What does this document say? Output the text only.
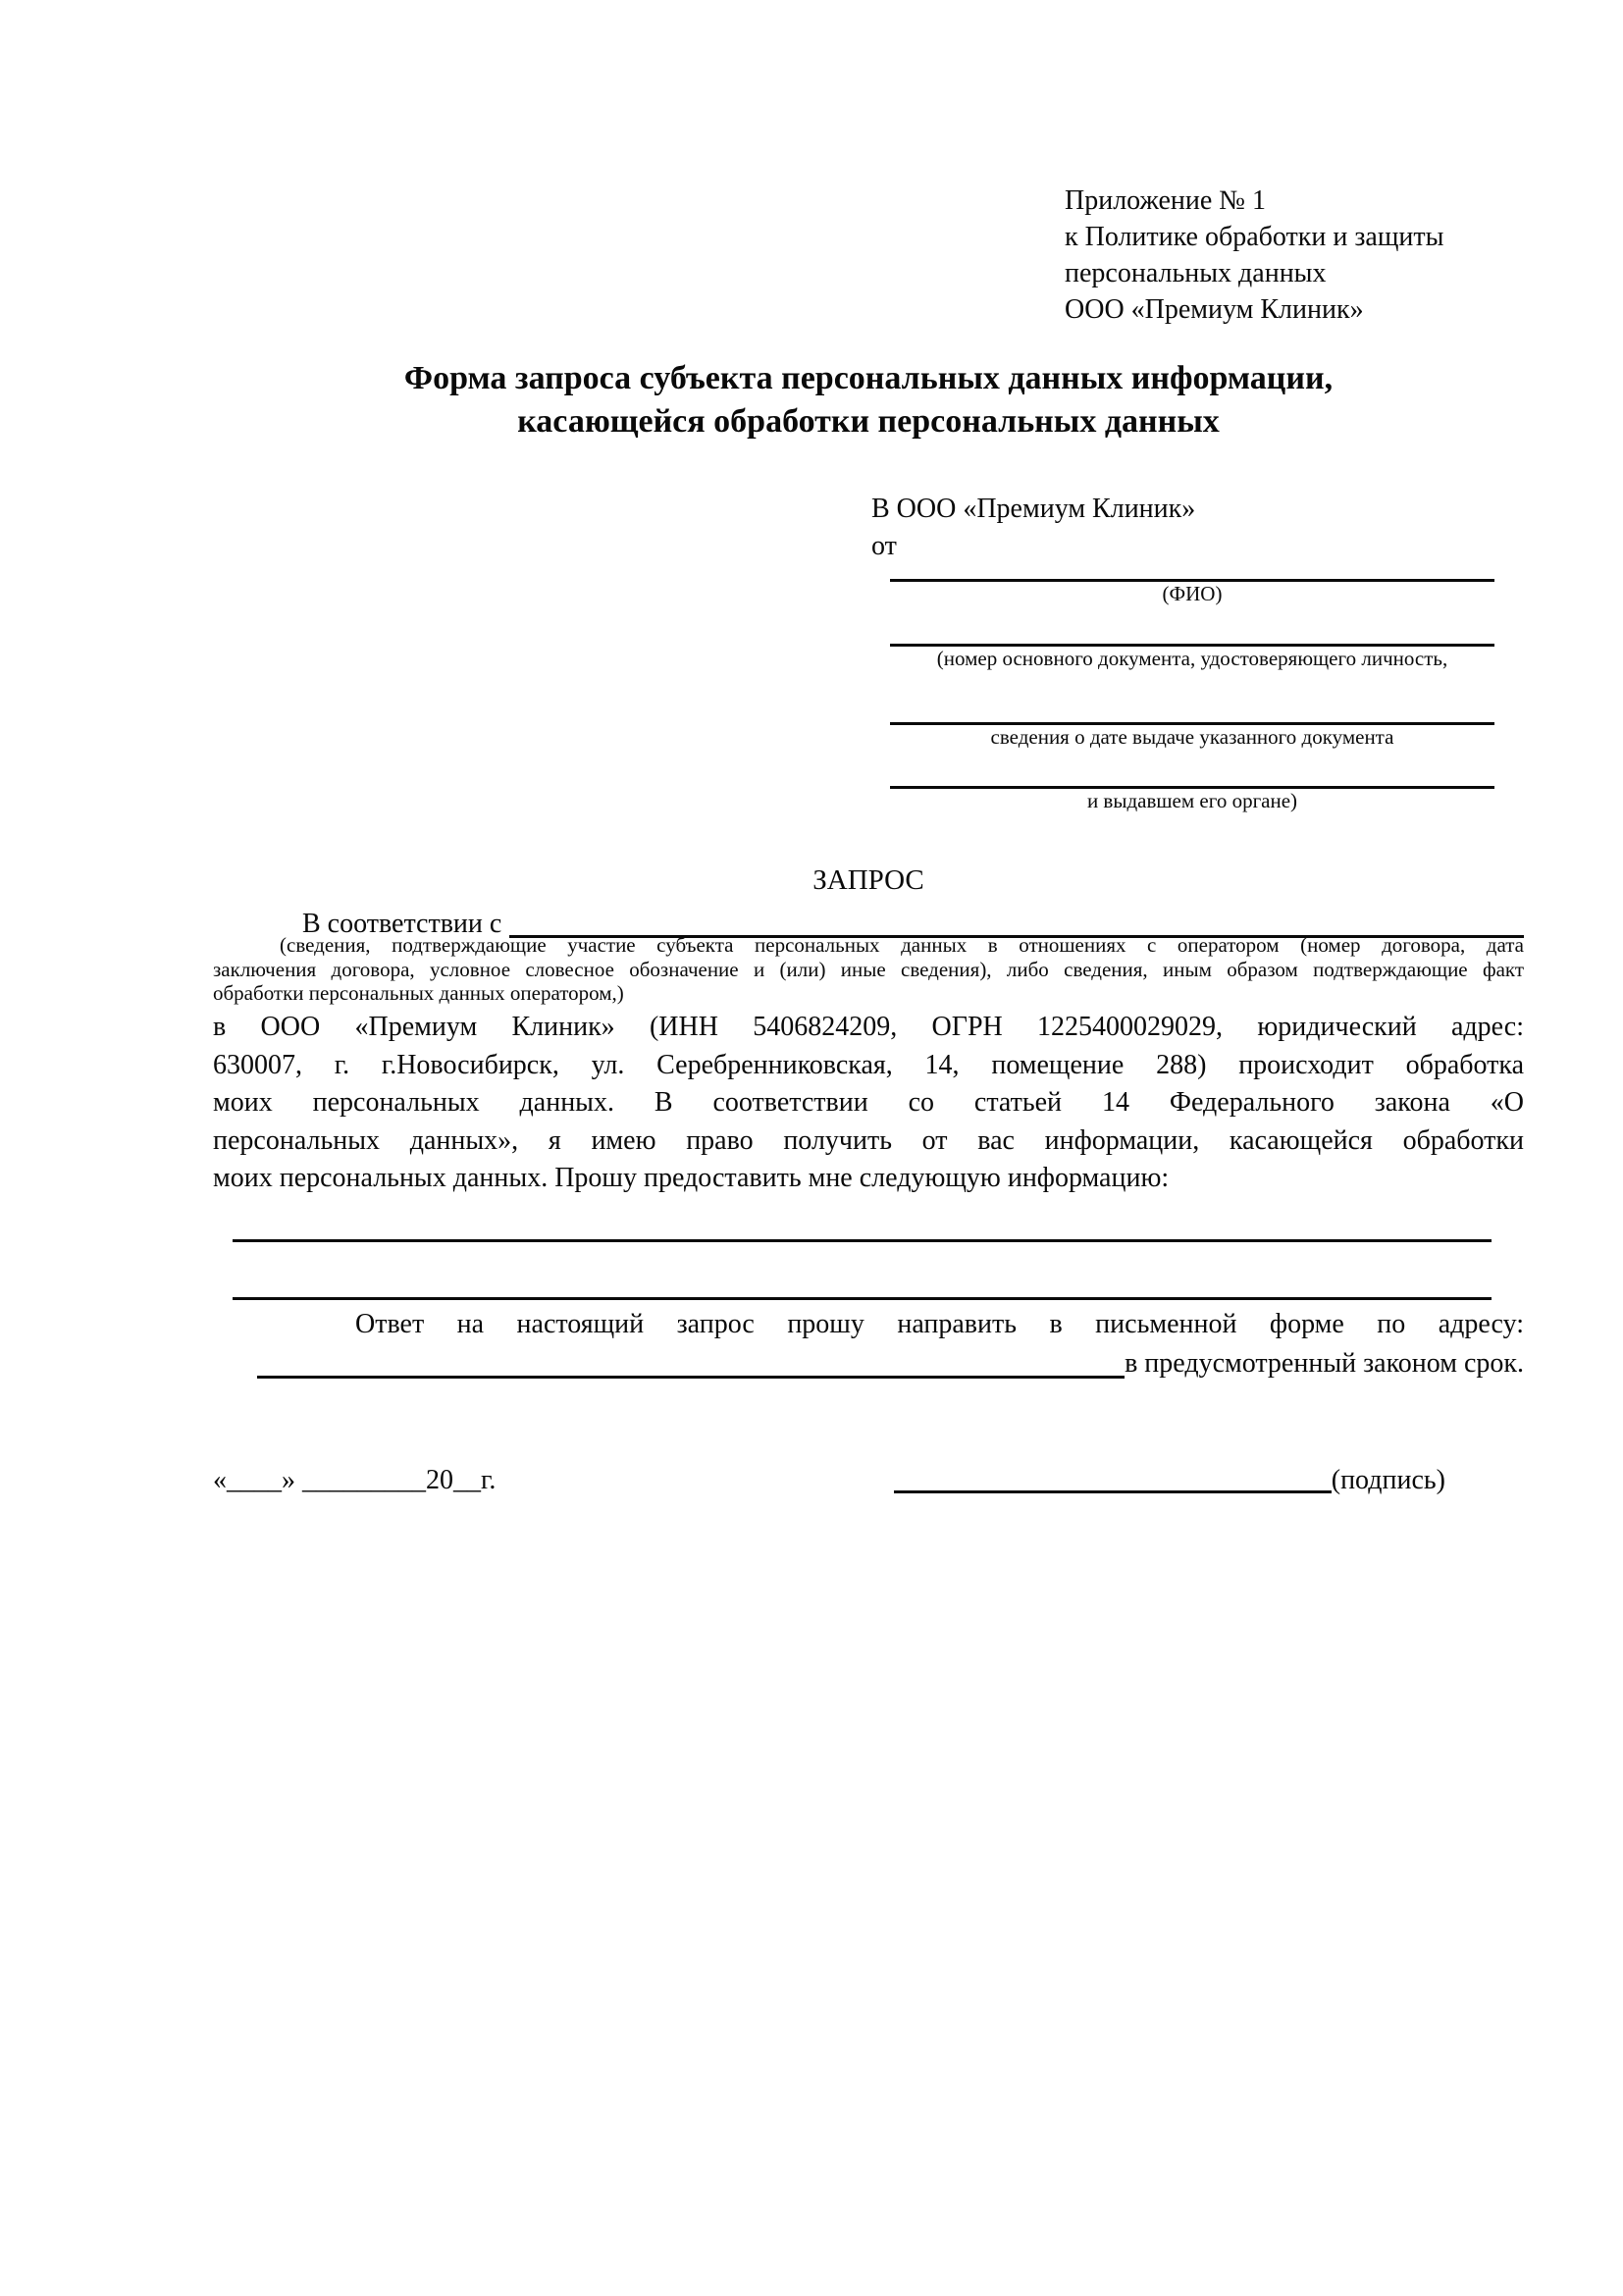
Приложение № 1
к Политике обработки и защиты
персональных данных
ООО «Премиум Клиник»
Форма запроса субъекта персональных данных информации,
касающейся обработки персональных данных
В ООО «Премиум Клиник»
от
(ФИО)
(номер основного документа, удостоверяющего личность,
сведения о дате выдаче указанного документа
и выдавшем его органе)
ЗАПРОС
В соответствии с
(сведения, подтверждающие участие субъекта персональных данных в отношениях с оператором (номер договора, дата
заключения договора, условное словесное обозначение и (или) иные сведения), либо сведения, иным образом подтверждающие факт
обработки персональных данных оператором,)
в ООО «Премиум Клиник» (ИНН 5406824209, ОГРН 1225400029029, юридический адрес:
630007, г. г.Новосибирск, ул. Серебренниковская, 14, помещение 288) происходит обработка
моих персональных данных. В соответствии со статьей 14 Федерального закона «О
персональных данных», я имею право получить от вас информации, касающейся обработки
моих персональных данных. Прошу предоставить мне следующую информацию:
Ответ на настоящий запрос прошу направить в письменной форме по адресу:
в предусмотренный законом срок.
«____» _________20__г.	(подпись)
